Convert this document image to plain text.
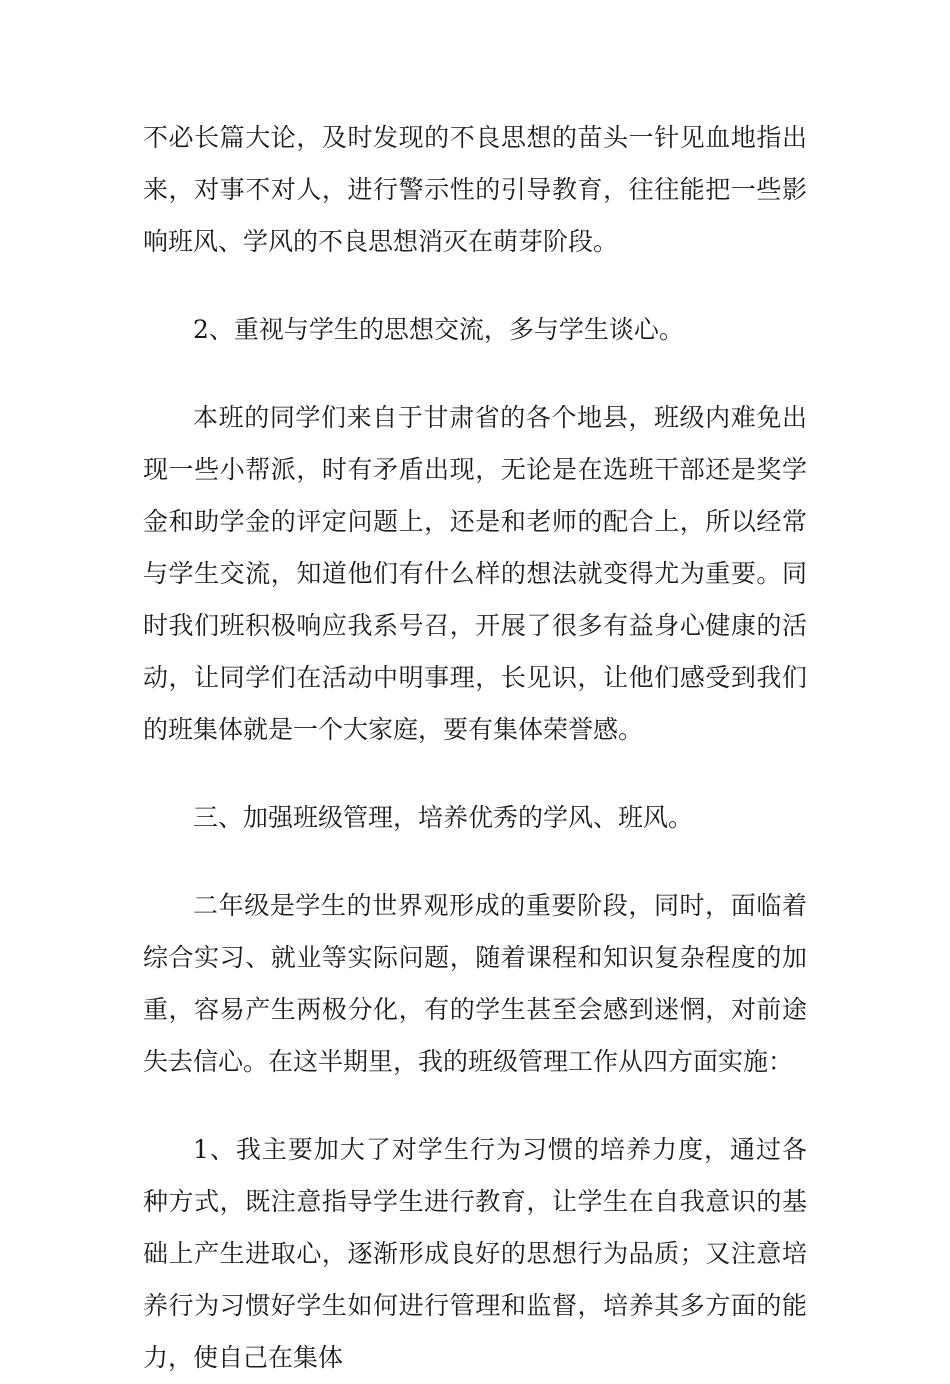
不必长篇大论，及时发现的不良思想的苗头一针见血地指出来，对事不对人，进行警示性的引导教育，往往能把一些影响班风、学风的不良思想消灭在萌芽阶段。

2、重视与学生的思想交流，多与学生谈心。

本班的同学们来自于甘肃省的各个地县，班级内难免出现一些小帮派，时有矛盾出现，无论是在选班干部还是奖学金和助学金的评定问题上，还是和老师的配合上，所以经常与学生交流，知道他们有什么样的想法就变得尤为重要。同时我们班积极响应我系号召，开展了很多有益身心健康的活动，让同学们在活动中明事理，长见识，让他们感受到我们的班集体就是一个大家庭，要有集体荣誉感。

三、加强班级管理，培养优秀的学风、班风。

二年级是学生的世界观形成的重要阶段，同时，面临着综合实习、就业等实际问题，随着课程和知识复杂程度的加重，容易产生两极分化，有的学生甚至会感到迷惘，对前途失去信心。在这半期里，我的班级管理工作从四方面实施：

1、我主要加大了对学生行为习惯的培养力度，通过各种方式，既注意指导学生进行教育，让学生在自我意识的基础上产生进取心，逐渐形成良好的思想行为品质；又注意培养行为习惯好学生如何进行管理和监督，培养其多方面的能力，使自己在集体
